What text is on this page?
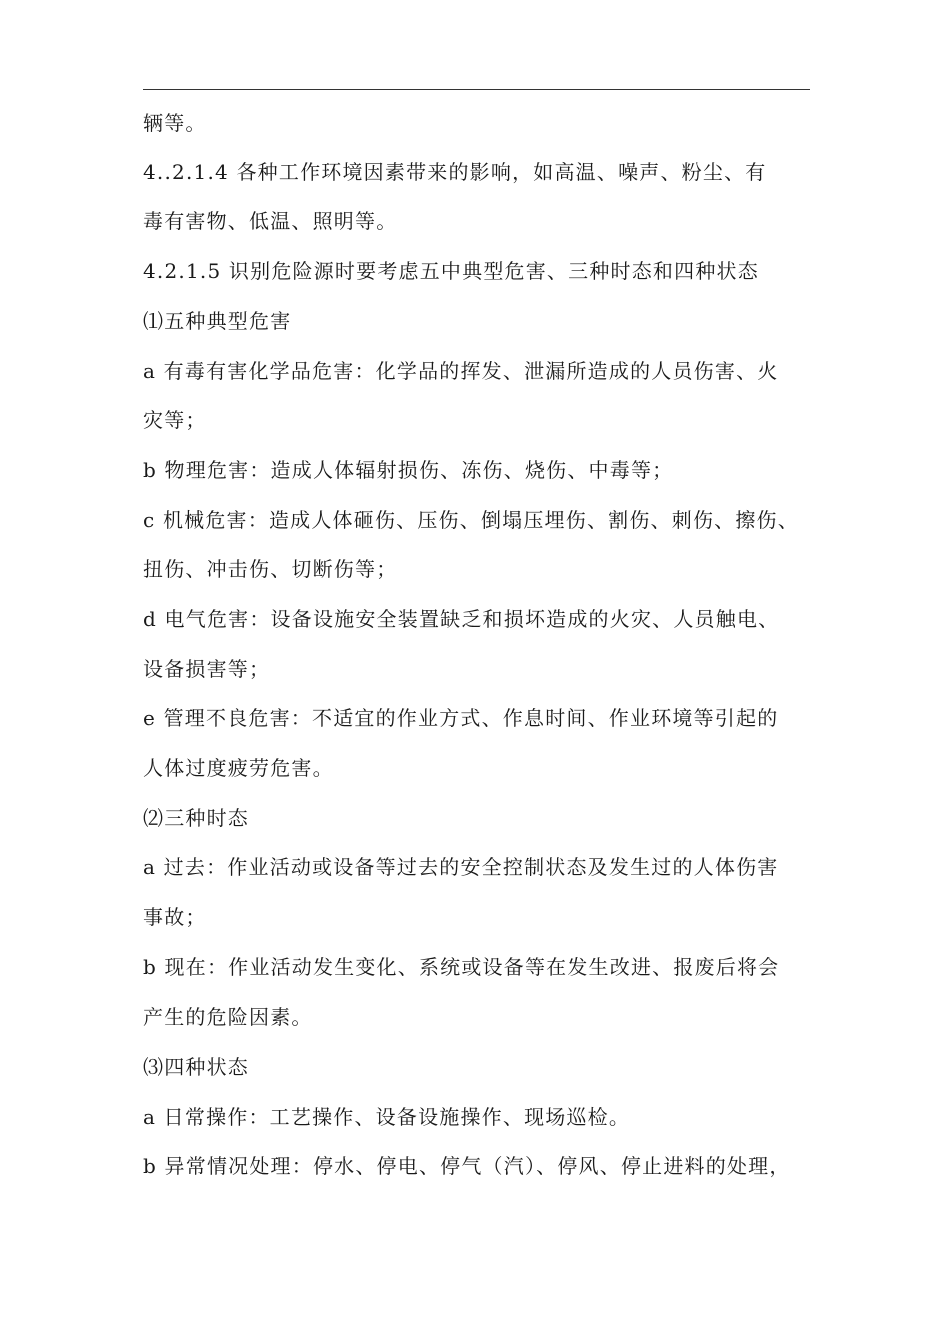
辆等。
4..2.1.4 各种工作环境因素带来的影响，如高温、噪声、粉尘、有
毒有害物、低温、照明等。
4.2.1.5 识别危险源时要考虑五中典型危害、三种时态和四种状态
⑴五种典型危害
a 有毒有害化学品危害：化学品的挥发、泄漏所造成的人员伤害、火
灾等；
b 物理危害：造成人体辐射损伤、冻伤、烧伤、中毒等；
c 机械危害：造成人体砸伤、压伤、倒塌压埋伤、割伤、刺伤、擦伤、
扭伤、冲击伤、切断伤等；
d 电气危害：设备设施安全装置缺乏和损坏造成的火灾、人员触电、
设备损害等；
e 管理不良危害：不适宜的作业方式、作息时间、作业环境等引起的
人体过度疲劳危害。
⑵三种时态
a 过去：作业活动或设备等过去的安全控制状态及发生过的人体伤害
事故；
b 现在：作业活动发生变化、系统或设备等在发生改进、报废后将会
产生的危险因素。
⑶四种状态
a 日常操作：工艺操作、设备设施操作、现场巡检。
b 异常情况处理：停水、停电、停气（汽）、停风、停止进料的处理，
